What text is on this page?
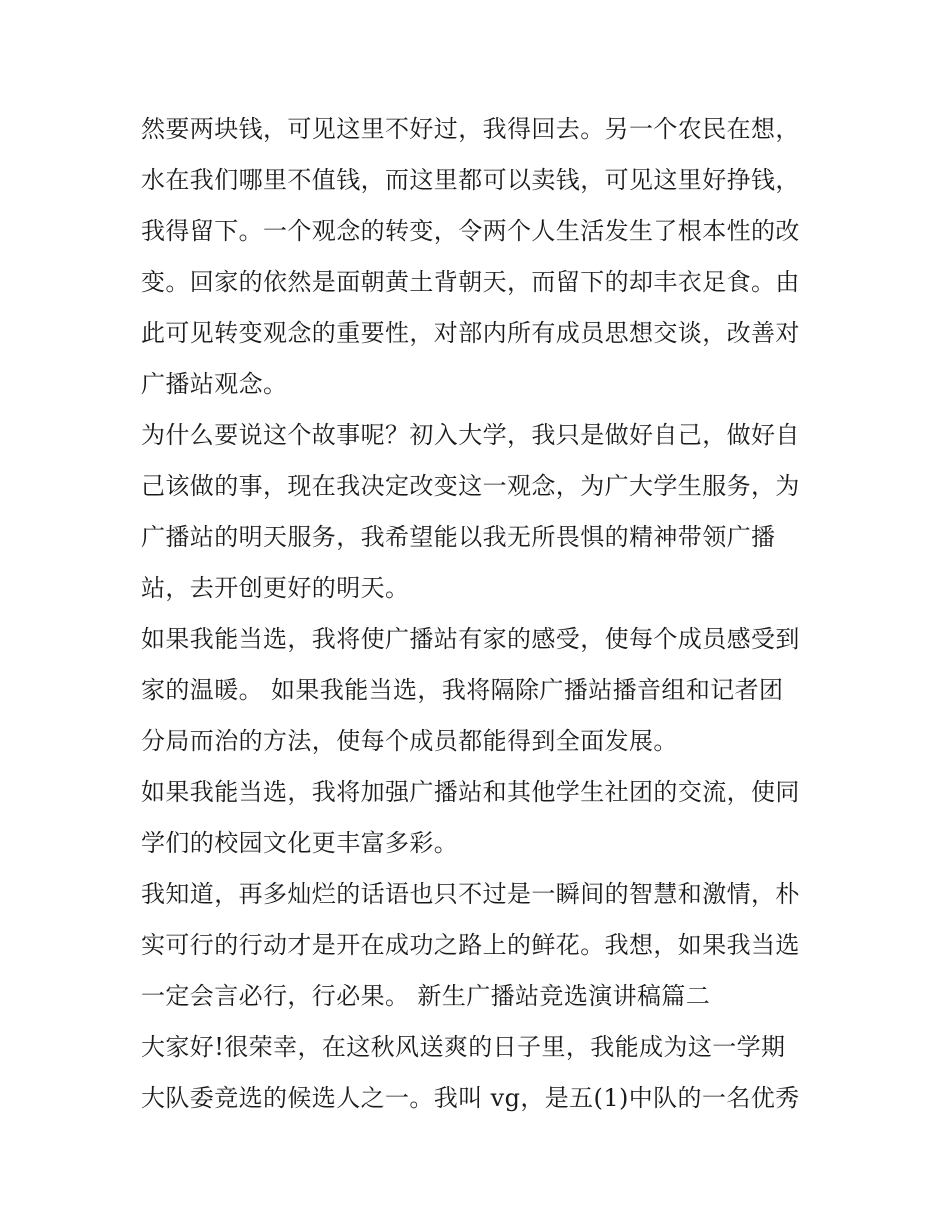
然要两块钱，可见这里不好过，我得回去。另一个农民在想，
水在我们哪里不值钱，而这里都可以卖钱，可见这里好挣钱，
我得留下。一个观念的转变，令两个人生活发生了根本性的改
变。回家的依然是面朝黄土背朝天，而留下的却丰衣足食。由
此可见转变观念的重要性，对部内所有成员思想交谈，改善对
广播站观念。
为什么要说这个故事呢？初入大学，我只是做好自己，做好自
己该做的事，现在我决定改变这一观念，为广大学生服务，为
广播站的明天服务，我希望能以我无所畏惧的精神带领广播
站，去开创更好的明天。
如果我能当选，我将使广播站有家的感受，使每个成员感受到
家的温暖。 如果我能当选，我将隔除广播站播音组和记者团
分局而治的方法，使每个成员都能得到全面发展。
如果我能当选，我将加强广播站和其他学生社团的交流，使同
学们的校园文化更丰富多彩。
我知道，再多灿烂的话语也只不过是一瞬间的智慧和激情，朴
实可行的行动才是开在成功之路上的鲜花。我想，如果我当选
一定会言必行，行必果。 新生广播站竞选演讲稿篇二
大家好!很荣幸，在这秋风送爽的日子里，我能成为这一学期
大队委竞选的候选人之一。我叫 vg，是五(1)中队的一名优秀
